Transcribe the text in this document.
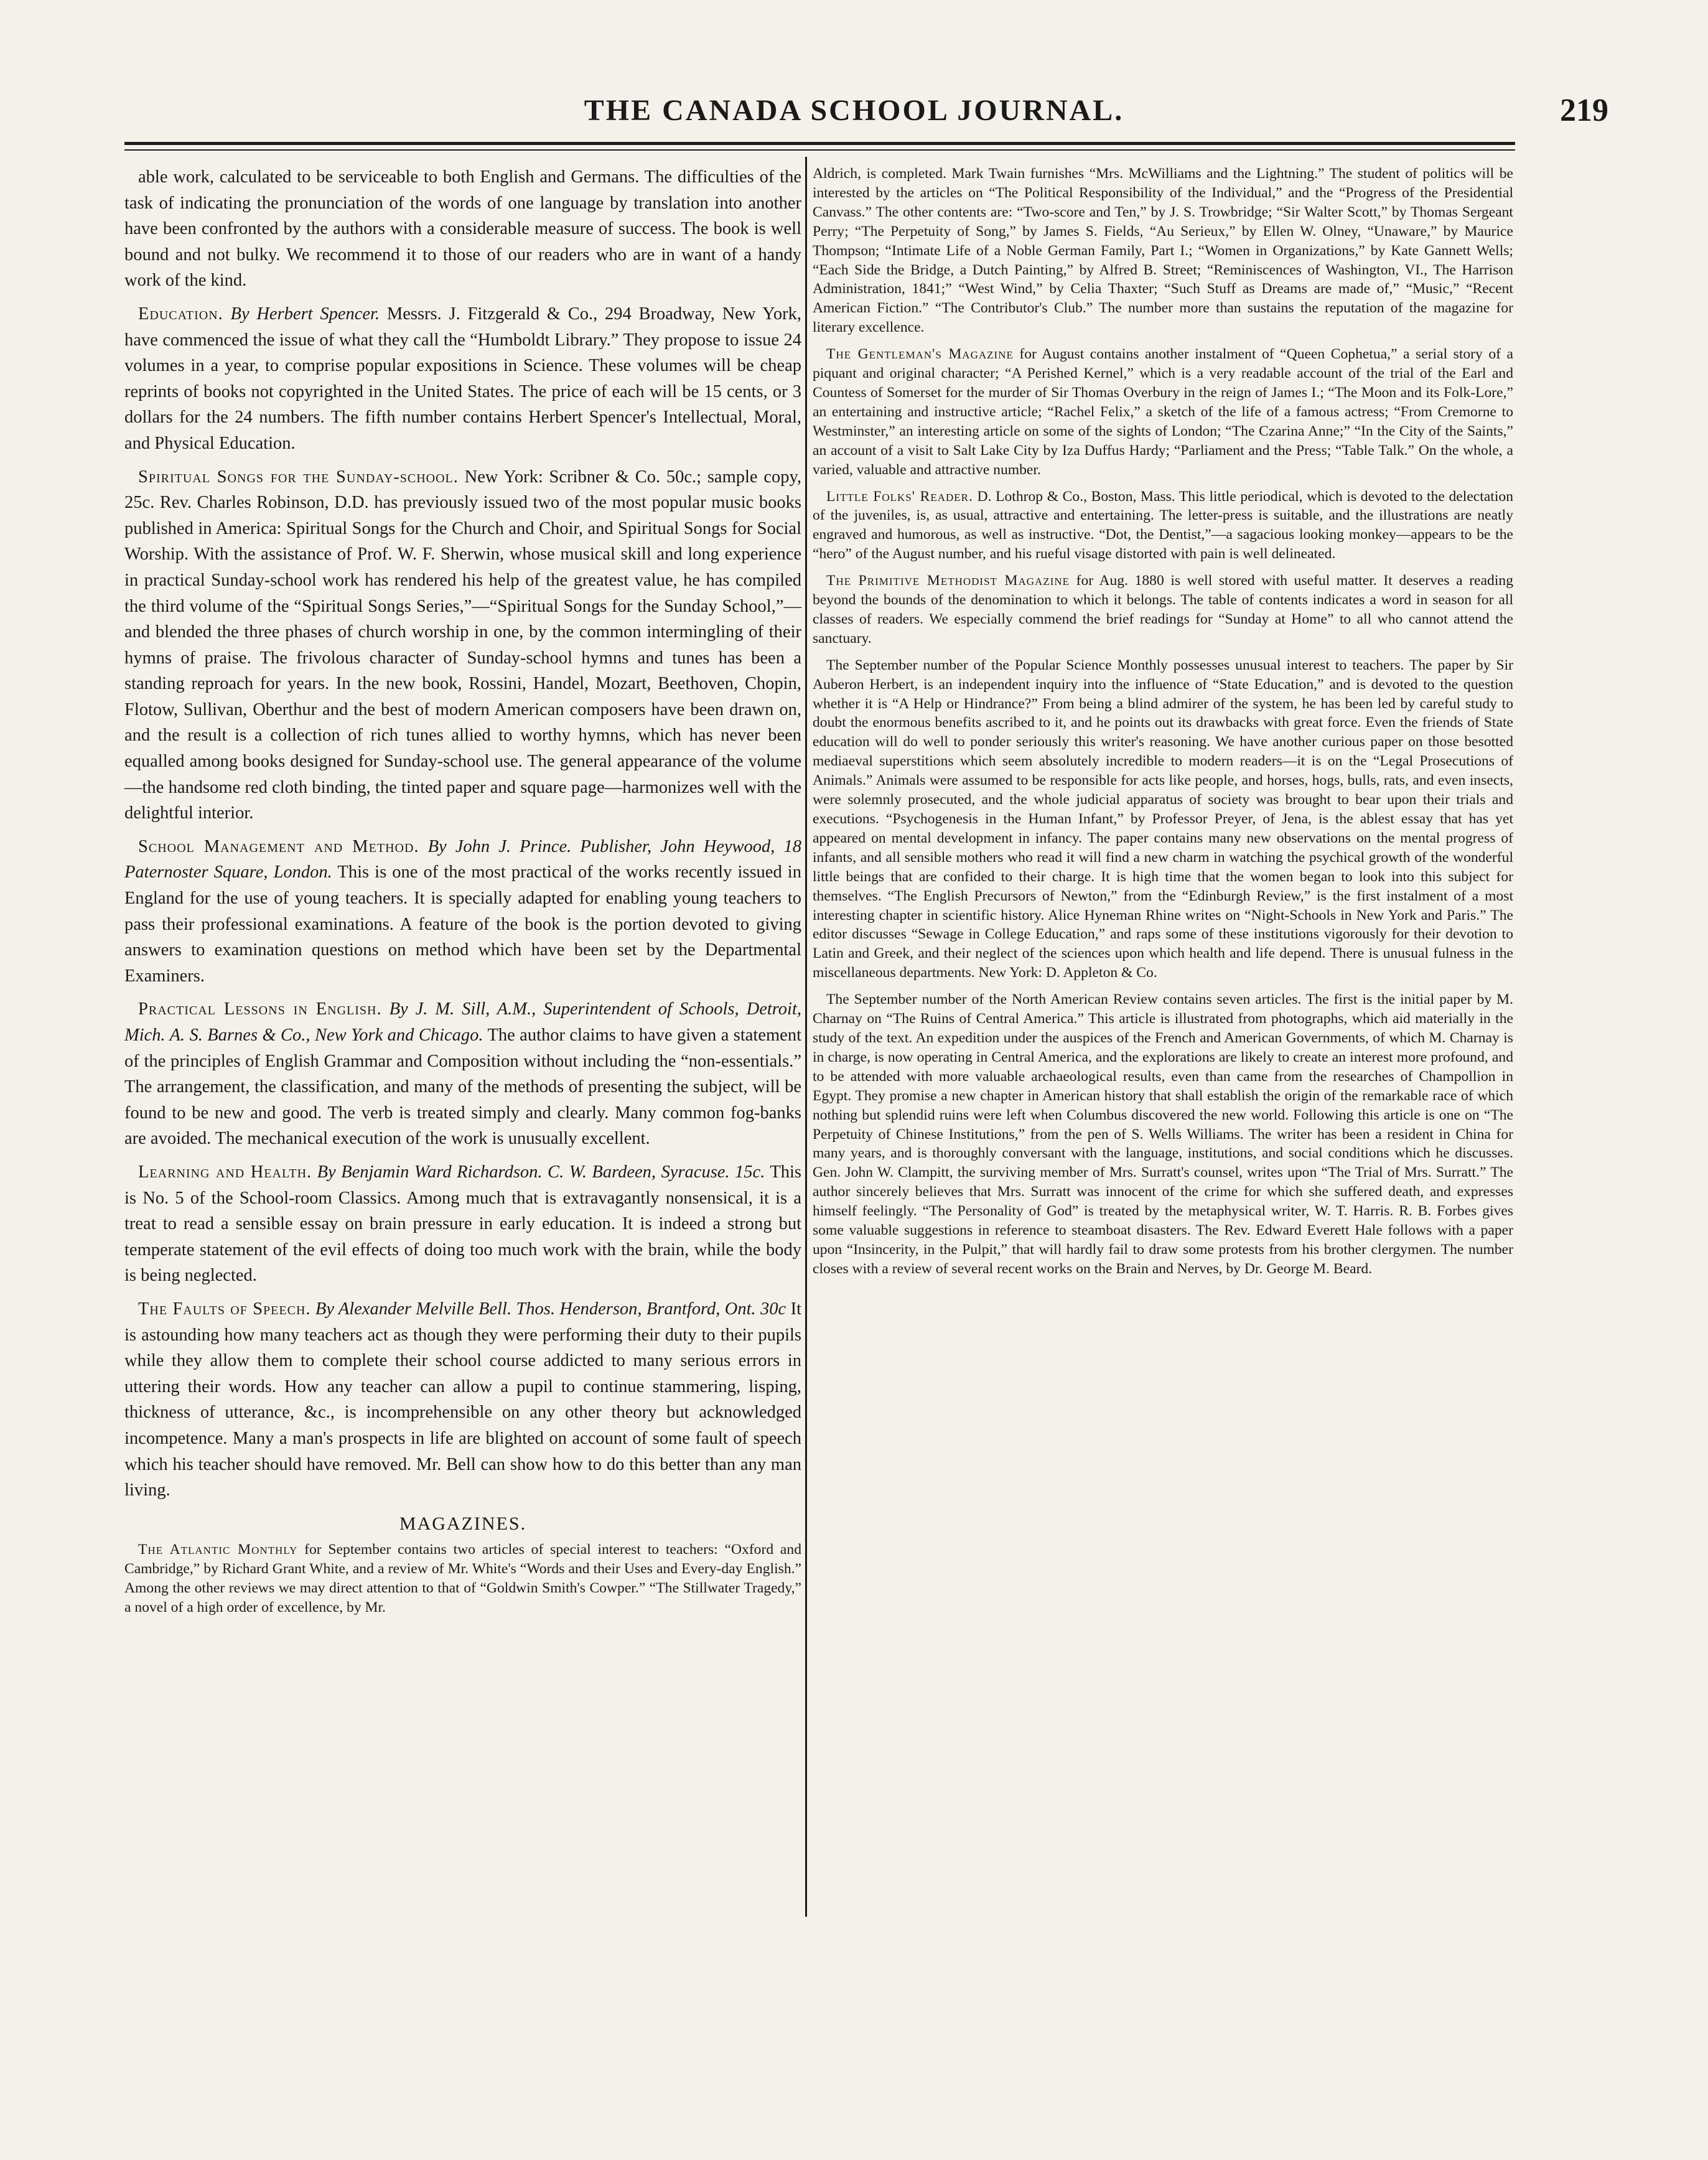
THE CANADA SCHOOL JOURNAL.	219

able work, calculated to be serviceable to both English and Germans. The difficulties of the task of indicating the pronunciation of the words of one language by translation into another have been confronted by the authors with a considerable measure of success. The book is well bound and not bulky. We recommend it to those of our readers who are in want of a handy work of the kind.

Education. By Herbert Spencer. Messrs. J. Fitzgerald & Co., 294 Broadway, New York, have commenced the issue of what they call the “Humboldt Library.” They propose to issue 24 volumes in a year, to comprise popular expositions in Science. These volumes will be cheap reprints of books not copyrighted in the United States. The price of each will be 15 cents, or 3 dollars for the 24 numbers. The fifth number contains Herbert Spencer's Intellectual, Moral, and Physical Education.

Spiritual Songs for the Sunday-school. New York: Scribner & Co. 50c.; sample copy, 25c. Rev. Charles Robinson, D.D. has previously issued two of the most popular music books published in America: Spiritual Songs for the Church and Choir, and Spiritual Songs for Social Worship. With the assistance of Prof. W. F. Sherwin, whose musical skill and long experience in practical Sunday-school work has rendered his help of the greatest value, he has compiled the third volume of the “Spiritual Songs Series,”—“Spiritual Songs for the Sunday School,”—and blended the three phases of church worship in one, by the common intermingling of their hymns of praise. The frivolous character of Sunday-school hymns and tunes has been a standing reproach for years. In the new book, Rossini, Handel, Mozart, Beethoven, Chopin, Flotow, Sullivan, Oberthur and the best of modern American composers have been drawn on, and the result is a collection of rich tunes allied to worthy hymns, which has never been equalled among books designed for Sunday-school use. The general appearance of the volume—the handsome red cloth binding, the tinted paper and square page—harmonizes well with the delightful interior.

School Management and Method. By John J. Prince. Publisher, John Heywood, 18 Paternoster Square, London. This is one of the most practical of the works recently issued in England for the use of young teachers. It is specially adapted for enabling young teachers to pass their professional examinations. A feature of the book is the portion devoted to giving answers to examination questions on method which have been set by the Departmental Examiners.

Practical Lessons in English. By J. M. Sill, A.M., Superintendent of Schools, Detroit, Mich. A. S. Barnes & Co., New York and Chicago. The author claims to have given a statement of the principles of English Grammar and Composition without including the “non-essentials.” The arrangement, the classification, and many of the methods of presenting the subject, will be found to be new and good. The verb is treated simply and clearly. Many common fog-banks are avoided. The mechanical execution of the work is unusually excellent.

Learning and Health. By Benjamin Ward Richardson. C. W. Bardeen, Syracuse. 15c. This is No. 5 of the School-room Classics. Among much that is extravagantly nonsensical, it is a treat to read a sensible essay on brain pressure in early education. It is indeed a strong but temperate statement of the evil effects of doing too much work with the brain, while the body is being neglected.

The Faults of Speech. By Alexander Melville Bell. Thos. Henderson, Brantford, Ont. 30c It is astounding how many teachers act as though they were performing their duty to their pupils while they allow them to complete their school course addicted to many serious errors in uttering their words. How any teacher can allow a pupil to continue stammering, lisping, thickness of utterance, &c., is incomprehensible on any other theory but acknowledged incompetence. Many a man's prospects in life are blighted on account of some fault of speech which his teacher should have removed. Mr. Bell can show how to do this better than any man living.

MAGAZINES.

The Atlantic Monthly for September contains two articles of special interest to teachers: “Oxford and Cambridge,” by Richard Grant White, and a review of Mr. White's “Words and their Uses and Every-day English.” Among the other reviews we may direct attention to that of “Goldwin Smith's Cowper.” “The Stillwater Tragedy,” a novel of a high order of excellence, by Mr.

Aldrich, is completed. Mark Twain furnishes “Mrs. McWilliams and the Lightning.” The student of politics will be interested by the articles on “The Political Responsibility of the Individual,” and the “Progress of the Presidential Canvass.” The other contents are: “Two-score and Ten,” by J. S. Trowbridge; “Sir Walter Scott,” by Thomas Sergeant Perry; “The Perpetuity of Song,” by James S. Fields, “Au Serieux,” by Ellen W. Olney, “Unaware,” by Maurice Thompson; “Intimate Life of a Noble German Family, Part I.; “Women in Organizations,” by Kate Gannett Wells; “Each Side the Bridge, a Dutch Painting,” by Alfred B. Street; “Reminiscences of Washington, VI., The Harrison Administration, 1841;” “West Wind,” by Celia Thaxter; “Such Stuff as Dreams are made of,” “Music,” “Recent American Fiction.” “The Contributor's Club.” The number more than sustains the reputation of the magazine for literary excellence.

The Gentleman's Magazine for August contains another instalment of “Queen Cophetua,” a serial story of a piquant and original character; “A Perished Kernel,” which is a very readable account of the trial of the Earl and Countess of Somerset for the murder of Sir Thomas Overbury in the reign of James I.; “The Moon and its Folk-Lore,” an entertaining and instructive article; “Rachel Felix,” a sketch of the life of a famous actress; “From Cremorne to Westminster,” an interesting article on some of the sights of London; “The Czarina Anne;” “In the City of the Saints,” an account of a visit to Salt Lake City by Iza Duffus Hardy; “Parliament and the Press; “Table Talk.” On the whole, a varied, valuable and attractive number.

Little Folks' Reader. D. Lothrop & Co., Boston, Mass. This little periodical, which is devoted to the delectation of the juveniles, is, as usual, attractive and entertaining. The letter-press is suitable, and the illustrations are neatly engraved and humorous, as well as instructive. “Dot, the Dentist,”—a sagacious looking monkey—appears to be the “hero” of the August number, and his rueful visage distorted with pain is well delineated.

The Primitive Methodist Magazine for Aug. 1880 is well stored with useful matter. It deserves a reading beyond the bounds of the denomination to which it belongs. The table of contents indicates a word in season for all classes of readers. We especially commend the brief readings for “Sunday at Home” to all who cannot attend the sanctuary.

The September number of the Popular Science Monthly possesses unusual interest to teachers. The paper by Sir Auberon Herbert, is an independent inquiry into the influence of “State Education,” and is devoted to the question whether it is “A Help or Hindrance?” From being a blind admirer of the system, he has been led by careful study to doubt the enormous benefits ascribed to it, and he points out its drawbacks with great force. Even the friends of State education will do well to ponder seriously this writer's reasoning. We have another curious paper on those besotted mediaeval superstitions which seem absolutely incredible to modern readers—it is on the “Legal Prosecutions of Animals.” Animals were assumed to be responsible for acts like people, and horses, hogs, bulls, rats, and even insects, were solemnly prosecuted, and the whole judicial apparatus of society was brought to bear upon their trials and executions. “Psychogenesis in the Human Infant,” by Professor Preyer, of Jena, is the ablest essay that has yet appeared on mental development in infancy. The paper contains many new observations on the mental progress of infants, and all sensible mothers who read it will find a new charm in watching the psychical growth of the wonderful little beings that are confided to their charge. It is high time that the women began to look into this subject for themselves. “The English Precursors of Newton,” from the “Edinburgh Review,” is the first instalment of a most interesting chapter in scientific history. Alice Hyneman Rhine writes on “Night-Schools in New York and Paris.” The editor discusses “Sewage in College Education,” and raps some of these institutions vigorously for their devotion to Latin and Greek, and their neglect of the sciences upon which health and life depend. There is unusual fulness in the miscellaneous departments. New York: D. Appleton & Co.

The September number of the North American Review contains seven articles. The first is the initial paper by M. Charnay on “The Ruins of Central America.” This article is illustrated from photographs, which aid materially in the study of the text. An expedition under the auspices of the French and American Governments, of which M. Charnay is in charge, is now operating in Central America, and the explorations are likely to create an interest more profound, and to be attended with more valuable archaeological results, even than came from the researches of Champollion in Egypt. They promise a new chapter in American history that shall establish the origin of the remarkable race of which nothing but splendid ruins were left when Columbus discovered the new world. Following this article is one on “The Perpetuity of Chinese Institutions,” from the pen of S. Wells Williams. The writer has been a resident in China for many years, and is thoroughly conversant with the language, institutions, and social conditions which he discusses. Gen. John W. Clampitt, the surviving member of Mrs. Surratt's counsel, writes upon “The Trial of Mrs. Surratt.” The author sincerely believes that Mrs. Surratt was innocent of the crime for which she suffered death, and expresses himself feelingly. “The Personality of God” is treated by the metaphysical writer, W. T. Harris. R. B. Forbes gives some valuable suggestions in reference to steamboat disasters. The Rev. Edward Everett Hale follows with a paper upon “Insincerity, in the Pulpit,” that will hardly fail to draw some protests from his brother clergymen. The number closes with a review of several recent works on the Brain and Nerves, by Dr. George M. Beard.
